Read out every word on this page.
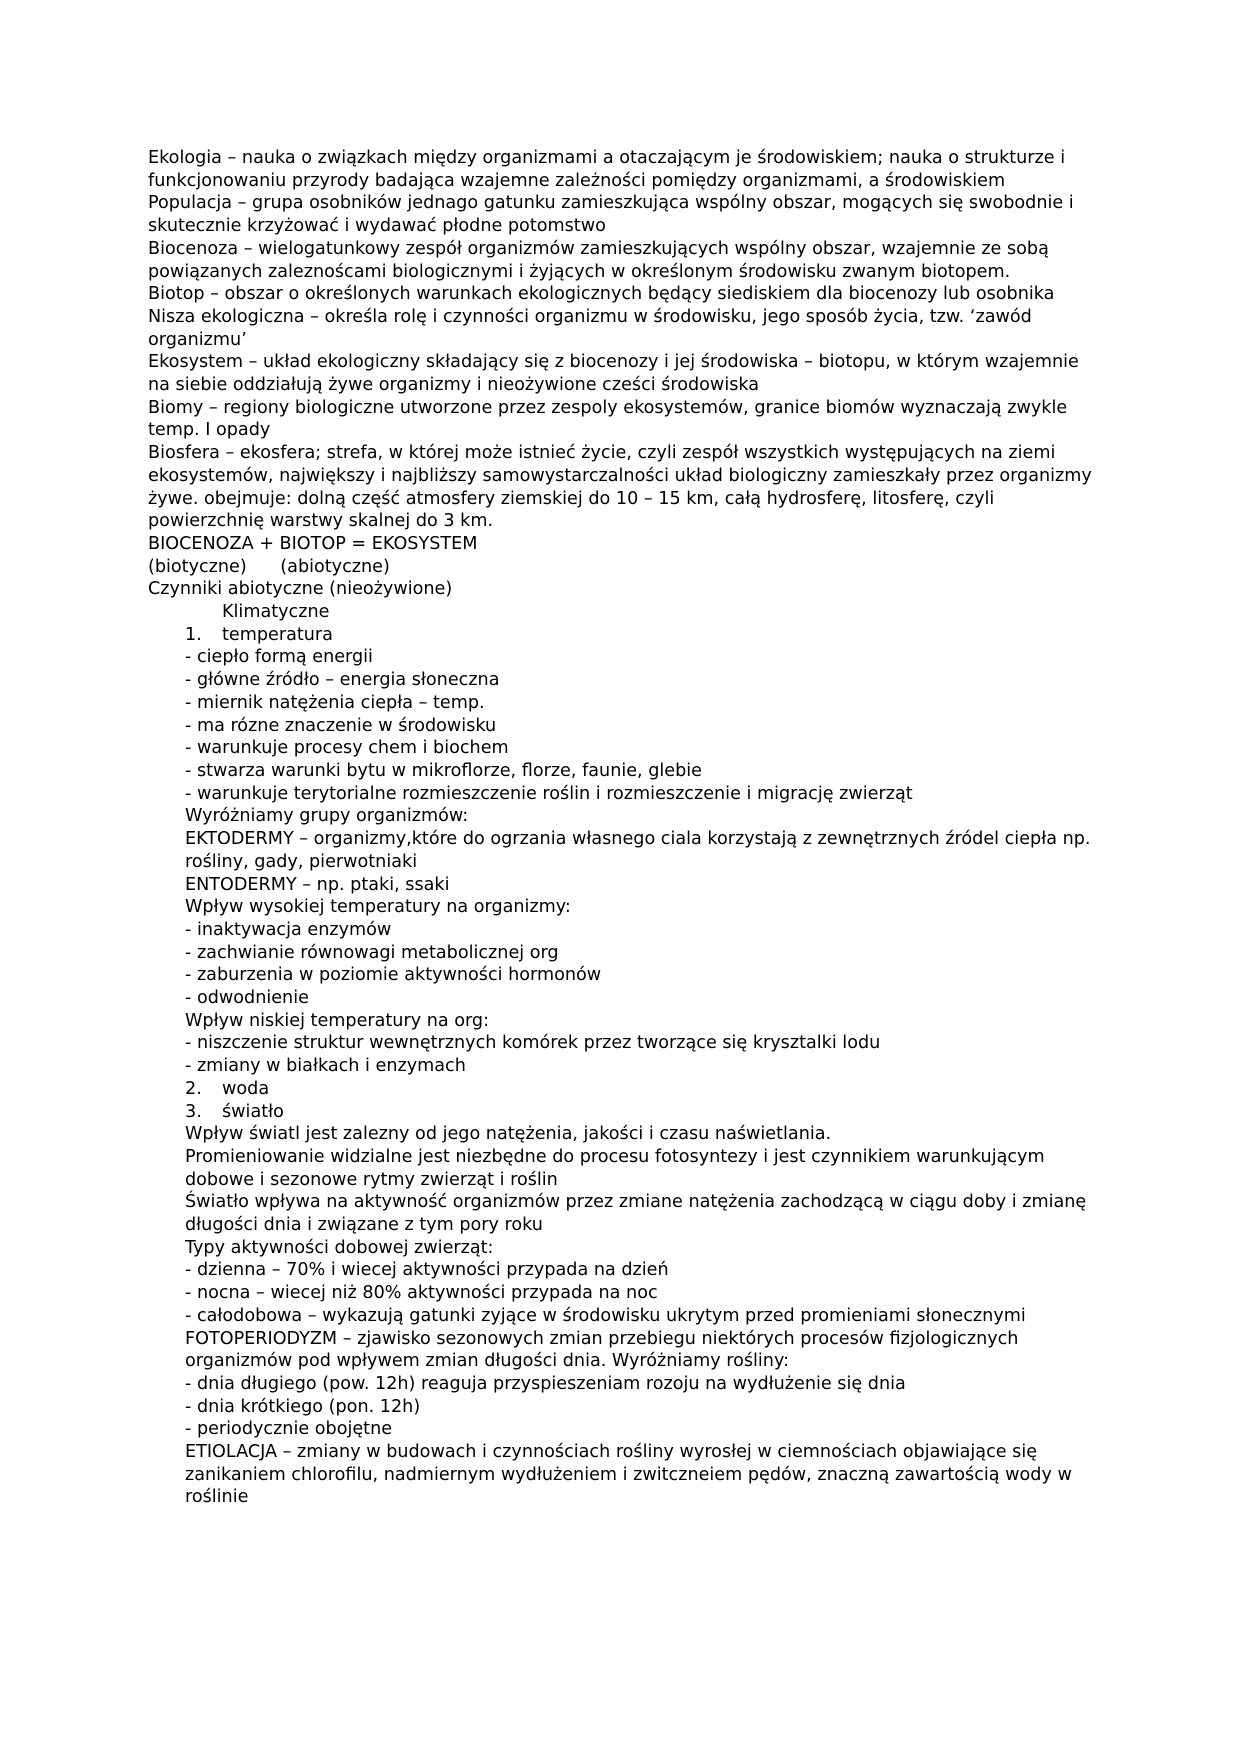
Ekologia – nauka o związkach między organizmami a otaczającym je środowiskiem; nauka o strukturze i funkcjonowaniu przyrody badająca wzajemne zależności pomiędzy organizmami, a środowiskiem

Populacja – grupa osobników jednago gatunku zamieszkująca wspólny obszar, mogących się swobodnie i skutecznie krzyżować i wydawać płodne potomstwo

Biocenoza – wielogatunkowy zespół organizmów zamieszkujących wspólny obszar, wzajemnie ze sobą powiązanych zaleznoścami biologicznymi i żyjących w określonym środowisku zwanym biotopem.

Biotop – obszar o określonych warunkach ekologicznych będący siediskiem dla biocenozy lub osobnika

Nisza ekologiczna – określa rolę i czynności organizmu w środowisku, jego sposób życia, tzw. ‘zawód organizmu’

Ekosystem – układ ekologiczny składający się z biocenozy i jej środowiska – biotopu, w którym wzajemnie na siebie oddziałują żywe organizmy i nieożywione cześci środowiska

Biomy – regiony biologiczne utworzone przez zespoly ekosystemów, granice biomów wyznaczają zwykle temp. I opady

Biosfera – ekosfera; strefa, w której może istnieć życie, czyli zespół wszystkich występujących na ziemi ekosystemów, największy i najbliższy samowystarczalności układ biologiczny zamieszkały przez organizmy żywe. obejmuje: dolną część atmosfery ziemskiej do 10 – 15 km, całą hydrosferę, litosferę, czyli powierzchnię warstwy skalnej do 3 km.

BIOCENOZA + BIOTOP = EKOSYSTEM

(biotyczne)      (abiotyczne)

Czynniki abiotyczne (nieożywione)

Klimatyczne

1.	temperatura

- ciepło formą energii

- główne źródło – energia słoneczna

- miernik natężenia ciepła – temp.

- ma rózne znaczenie w środowisku

- warunkuje procesy chem i biochem

- stwarza warunki bytu w mikroflorze, florze, faunie, glebie

- warunkuje terytorialne rozmieszczenie roślin i rozmieszczenie i migrację zwierząt

Wyróżniamy grupy organizmów:

EKTODERMY – organizmy,które do ogrzania własnego ciala korzystają z zewnętrznych źródel ciepła np. rośliny, gady, pierwotniaki

ENTODERMY – np. ptaki, ssaki

Wpływ wysokiej temperatury na organizmy:

- inaktywacja enzymów

- zachwianie równowagi metabolicznej org

- zaburzenia w poziomie aktywności hormonów

- odwodnienie

Wpływ niskiej temperatury na org:

- niszczenie struktur wewnętrznych komórek przez tworzące się krysztalki lodu

- zmiany w białkach i enzymach

2.	woda
3.	światło

Wpływ światl jest zalezny od jego natężenia, jakości i czasu naświetlania.

Promieniowanie widzialne jest niezbędne do procesu fotosyntezy i jest czynnikiem warunkującym dobowe i sezonowe rytmy zwierząt i roślin

Światło wpływa na aktywność organizmów przez zmiane natężenia zachodzącą w ciągu doby i zmianę długości dnia i związane z tym pory roku

Typy aktywności dobowej zwierząt:

- dzienna – 70% i wiecej aktywności przypada na dzień

- nocna – wiecej niż 80% aktywności przypada na noc

- całodobowa – wykazują gatunki zyjące w środowisku ukrytym przed promieniami słonecznymi

FOTOPERIODYZM – zjawisko sezonowych zmian przebiegu niektórych procesów fizjologicznych organizmów pod wpływem zmian długości dnia. Wyróżniamy rośliny:

- dnia długiego (pow. 12h) reaguja przyspieszeniam rozoju na wydłużenie się dnia

- dnia krótkiego (pon. 12h)

- periodycznie obojętne

ETIOLACJA – zmiany w budowach i czynnościach rośliny wyrosłej w ciemnościach objawiające się zanikaniem chlorofilu, nadmiernym wydłużeniem i zwitczneiem pędów, znaczną zawartością wody w roślinie
